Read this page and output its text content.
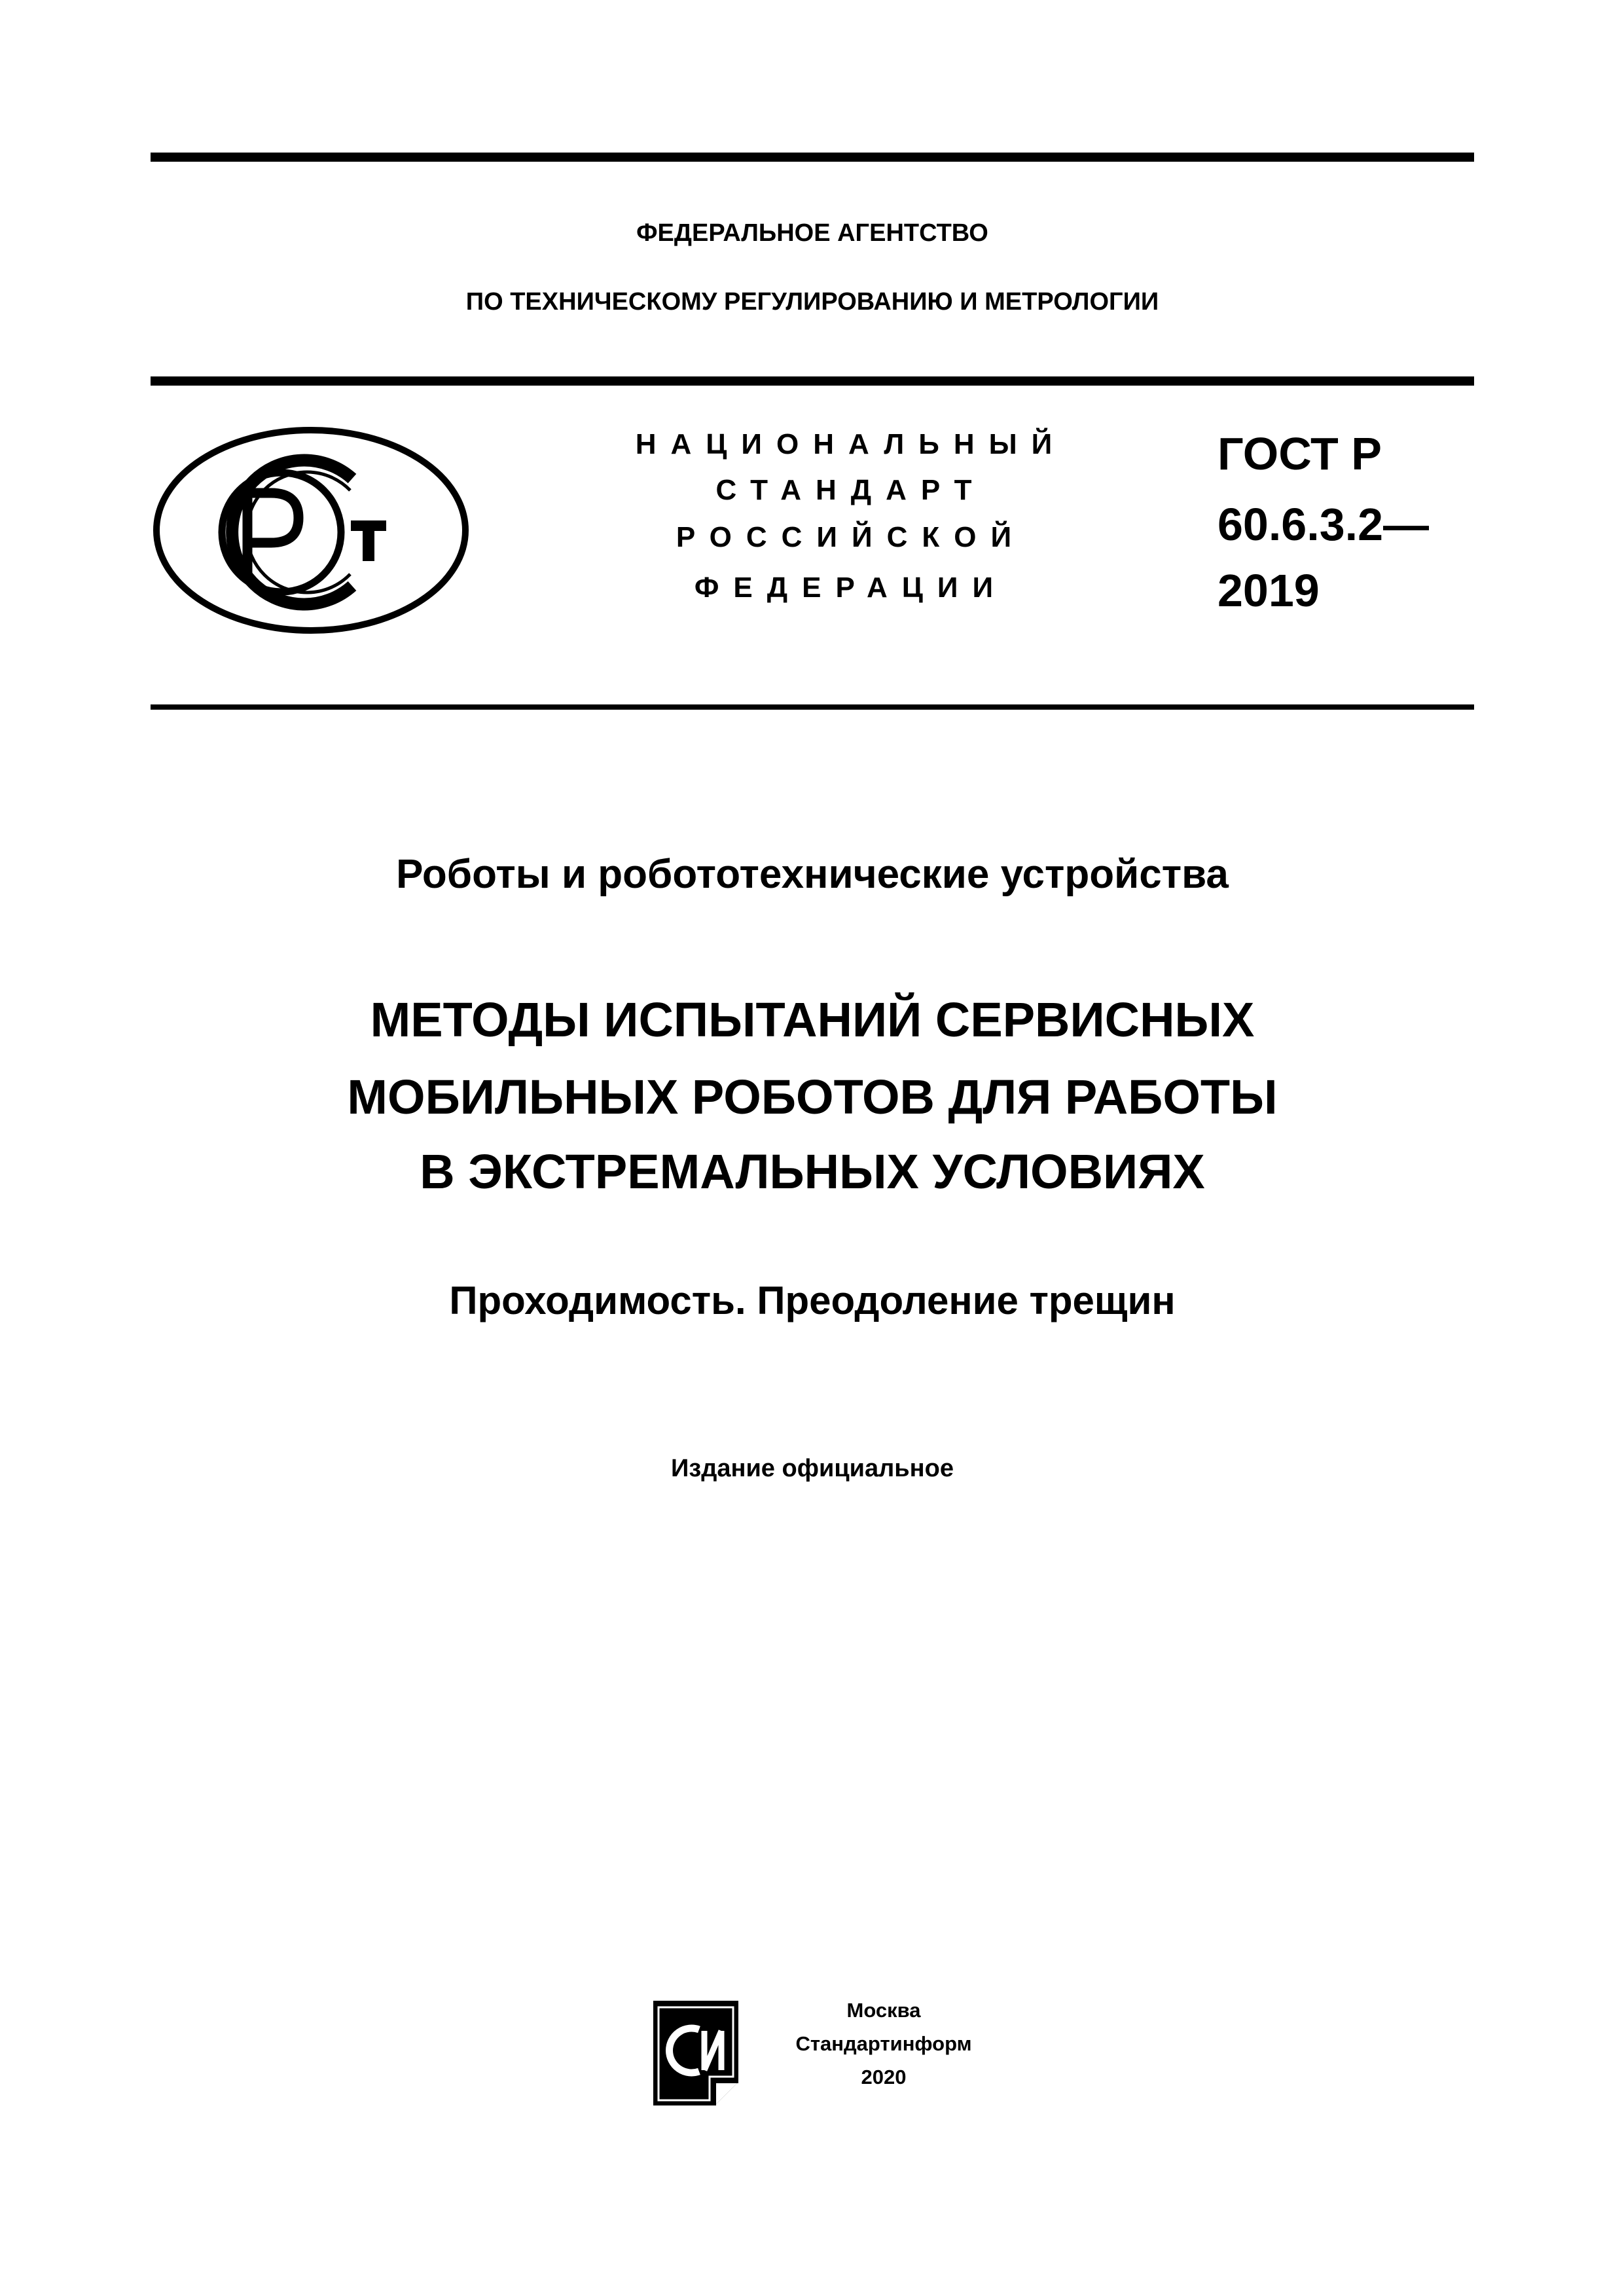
ФЕДЕРАЛЬНОЕ АГЕНТСТВО
ПО ТЕХНИЧЕСКОМУ РЕГУЛИРОВАНИЮ И МЕТРОЛОГИИ
НАЦИОНАЛЬНЫЙ
СТАНДАРТ
РОССИЙСКОЙ
ФЕДЕРАЦИИ
ГОСТ Р
60.6.3.2—
2019
Роботы и робототехнические устройства
МЕТОДЫ ИСПЫТАНИЙ СЕРВИСНЫХ
МОБИЛЬНЫХ РОБОТОВ ДЛЯ РАБОТЫ
В ЭКСТРЕМАЛЬНЫХ УСЛОВИЯХ
Проходимость. Преодоление трещин
Издание официальное
Москва
Стандартинформ
2020
